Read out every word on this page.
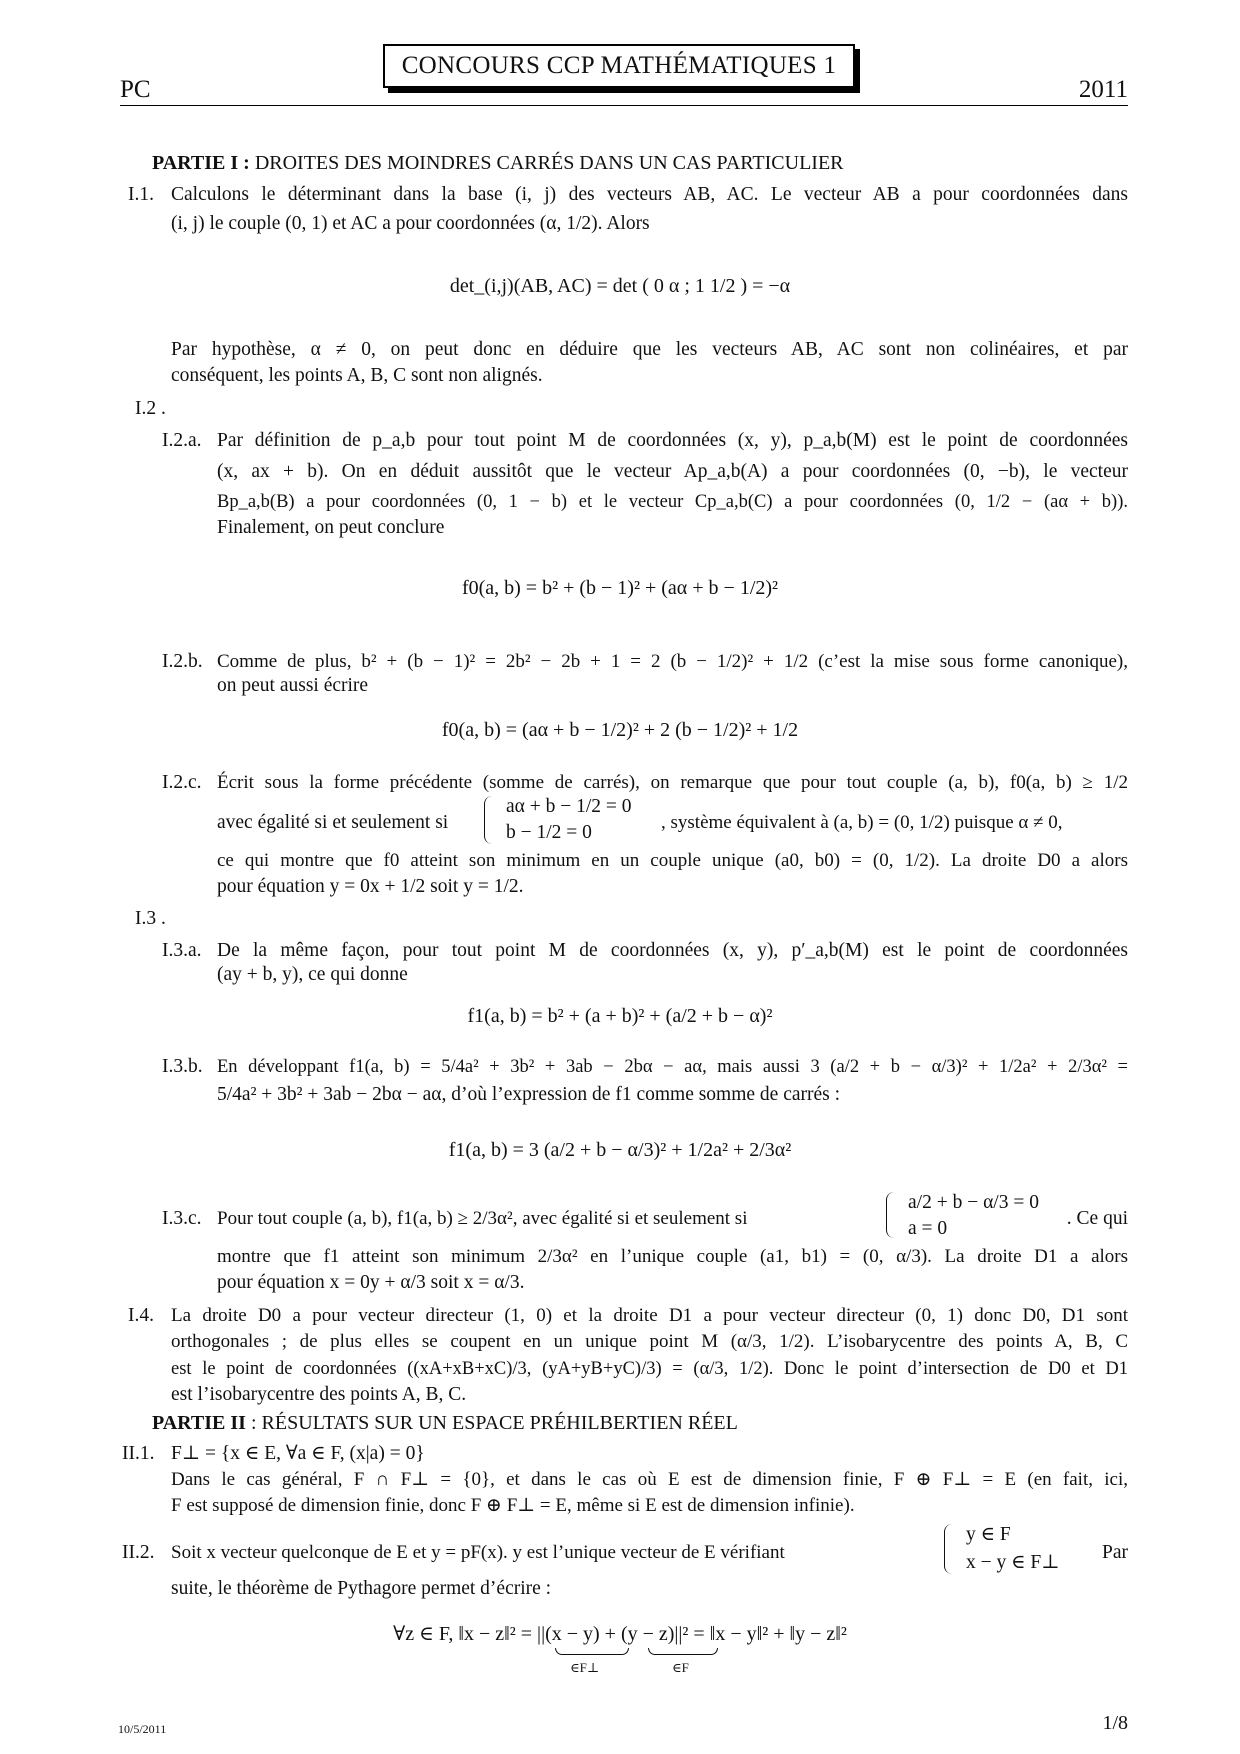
CONCOURS CCP MATHÉMATIQUES 1
PC	2011
PARTIE I : DROITES DES MOINDRES CARRÉS DANS UN CAS PARTICULIER
I.1. Calculons le déterminant dans la base (i, j) des vecteurs AB, AC. Le vecteur AB a pour coordonnées dans
(i, j) le couple (0, 1) et AC a pour coordonnées (α, 1/2). Alors
det_(i,j)(AB, AC) = det ( 0 α ; 1 1/2 ) = −α
Par hypothèse, α ≠ 0, on peut donc en déduire que les vecteurs AB, AC sont non colinéaires, et par
conséquent, les points A, B, C sont non alignés.
I.2 .
I.2.a. Par définition de p_a,b pour tout point M de coordonnées (x, y), p_a,b(M) est le point de coordonnées
(x, ax + b). On en déduit aussitôt que le vecteur Ap_a,b(A) a pour coordonnées (0, −b), le vecteur
Bp_a,b(B) a pour coordonnées (0, 1 − b) et le vecteur Cp_a,b(C) a pour coordonnées (0, 1/2 − (aα + b)).
Finalement, on peut conclure
f0(a, b) = b² + (b − 1)² + (aα + b − 1/2)²
I.2.b. Comme de plus, b² + (b − 1)² = 2b² − 2b + 1 = 2 (b − 1/2)² + 1/2 (c’est la mise sous forme canonique),
on peut aussi écrire
f0(a, b) = (aα + b − 1/2)² + 2 (b − 1/2)² + 1/2
I.2.c. Écrit sous la forme précédente (somme de carrés), on remarque que pour tout couple (a, b), f0(a, b) ≥ 1/2
avec égalité si et seulement si
aα + b − 1/2 = 0
b − 1/2 = 0	, système équivalent à (a, b) = (0, 1/2) puisque α ≠ 0,
ce qui montre que f0 atteint son minimum en un couple unique (a0, b0) = (0, 1/2). La droite D0 a alors
pour équation y = 0x + 1/2 soit y = 1/2.
I.3 .
I.3.a. De la même façon, pour tout point M de coordonnées (x, y), p′_a,b(M) est le point de coordonnées
(ay + b, y), ce qui donne
f1(a, b) = b² + (a + b)² + (a/2 + b − α)²
I.3.b. En développant f1(a, b) = 5/4a² + 3b² + 3ab − 2bα − aα, mais aussi 3 (a/2 + b − α/3)² + 1/2a² + 2/3α² =
5/4a² + 3b² + 3ab − 2bα − aα, d’où l’expression de f1 comme somme de carrés :
f1(a, b) = 3 (a/2 + b − α/3)² + 1/2a² + 2/3α²
I.3.c. Pour tout couple (a, b), f1(a, b) ≥ 2/3α², avec égalité si et seulement si
a/2 + b − α/3 = 0
a = 0	. Ce qui
montre que f1 atteint son minimum 2/3α² en l’unique couple (a1, b1) = (0, α/3). La droite D1 a alors
pour équation x = 0y + α/3 soit x = α/3.
I.4. La droite D0 a pour vecteur directeur (1, 0) et la droite D1 a pour vecteur directeur (0, 1) donc D0, D1 sont
orthogonales ; de plus elles se coupent en un unique point M (α/3, 1/2). L’isobarycentre des points A, B, C
est le point de coordonnées ((xA+xB+xC)/3, (yA+yB+yC)/3) = (α/3, 1/2). Donc le point d’intersection de D0 et D1
est l’isobarycentre des points A, B, C.
PARTIE II : RÉSULTATS SUR UN ESPACE PRÉHILBERTIEN RÉEL
II.1. F⊥ = {x ∈ E, ∀a ∈ F, (x|a) = 0}
Dans le cas général, F ∩ F⊥ = {0}, et dans le cas où E est de dimension finie, F ⊕ F⊥ = E (en fait, ici,
F est supposé de dimension finie, donc F ⊕ F⊥ = E, même si E est de dimension infinie).
II.2. Soit x vecteur quelconque de E et y = pF(x). y est l’unique vecteur de E vérifiant
y ∈ F
x − y ∈ F⊥	Par
suite, le théorème de Pythagore permet d’écrire :
∀z ∈ F, ‖x − z‖² = ||(x − y) + (y − z)||² = ‖x − y‖² + ‖y − z‖²
∈F⊥	∈F
10/5/2011	1/8
